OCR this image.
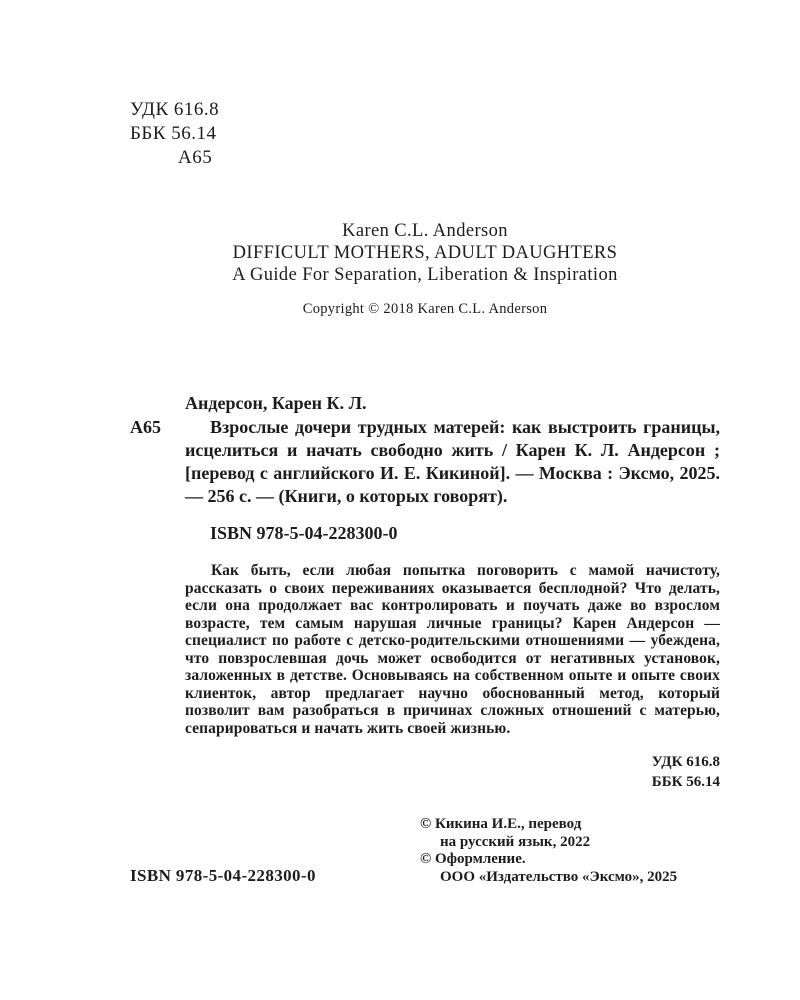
УДК 616.8
ББК 56.14
А65
Karen C.L. Anderson
DIFFICULT MOTHERS, ADULT DAUGHTERS
A Guide For Separation, Liberation & Inspiration
Copyright © 2018 Karen C.L. Anderson
Андерсон, Карен К. Л.
А65	Взрослые дочери трудных матерей: как выстроить границы, исцелиться и начать свободно жить / Карен К. Л. Андерсон ; [перевод с английского И. Е. Кикиной]. — Москва : Эксмо, 2025. — 256 с. — (Книги, о которых говорят).
ISBN 978-5-04-228300-0
Как быть, если любая попытка поговорить с мамой начистоту, рассказать о своих переживаниях оказывается бесплодной? Что делать, если она продолжает вас контролировать и поучать даже во взрослом возрасте, тем самым нарушая личные границы? Карен Андерсон — специалист по работе с детско-родительскими отношениями — убеждена, что повзрослевшая дочь может освободится от негативных установок, заложенных в детстве. Основываясь на собственном опыте и опыте своих клиенток, автор предлагает научно обоснованный метод, который позволит вам разобраться в причинах сложных отношений с матерью, сепарироваться и начать жить своей жизнью.
УДК 616.8
ББК 56.14
© Кикина И.Е., перевод
на русский язык, 2022
© Оформление.
ООО «Издательство «Эксмо», 2025
ISBN 978-5-04-228300-0
